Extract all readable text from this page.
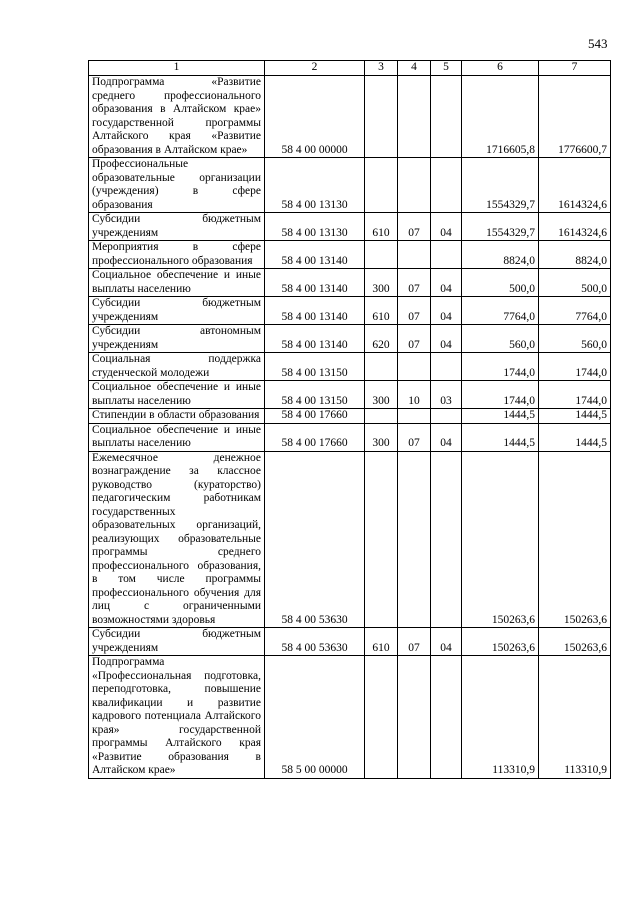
543
1	2	3	4	5	6	7
Подпрограмма «Развитие среднего профессионального образования в Алтайском крае» государственной программы Алтайского края «Развитие образования в Алтайском крае»	58 4 00 00000				1716605,8	1776600,7
Профессиональные образовательные организации (учреждения) в сфере образования	58 4 00 13130				1554329,7	1614324,6
Субсидии бюджетным учреждениям	58 4 00 13130	610	07	04	1554329,7	1614324,6
Мероприятия в сфере профессионального образования	58 4 00 13140				8824,0	8824,0
Социальное обеспечение и иные выплаты населению	58 4 00 13140	300	07	04	500,0	500,0
Субсидии бюджетным учреждениям	58 4 00 13140	610	07	04	7764,0	7764,0
Субсидии автономным учреждениям	58 4 00 13140	620	07	04	560,0	560,0
Социальная поддержка студенческой молодежи	58 4 00 13150				1744,0	1744,0
Социальное обеспечение и иные выплаты населению	58 4 00 13150	300	10	03	1744,0	1744,0
Стипендии в области образования	58 4 00 17660				1444,5	1444,5
Социальное обеспечение и иные выплаты населению	58 4 00 17660	300	07	04	1444,5	1444,5
Ежемесячное денежное вознаграждение за классное руководство (кураторство) педагогическим работникам государственных образовательных организаций, реализующих образовательные программы среднего профессионального образования, в том числе программы профессионального обучения для лиц с ограниченными возможностями здоровья	58 4 00 53630				150263,6	150263,6
Субсидии бюджетным учреждениям	58 4 00 53630	610	07	04	150263,6	150263,6
Подпрограмма «Профессиональная подготовка, переподготовка, повышение квалификации и развитие кадрового потенциала Алтайского края» государственной программы Алтайского края «Развитие образования в Алтайском крае»	58 5 00 00000				113310,9	113310,9
